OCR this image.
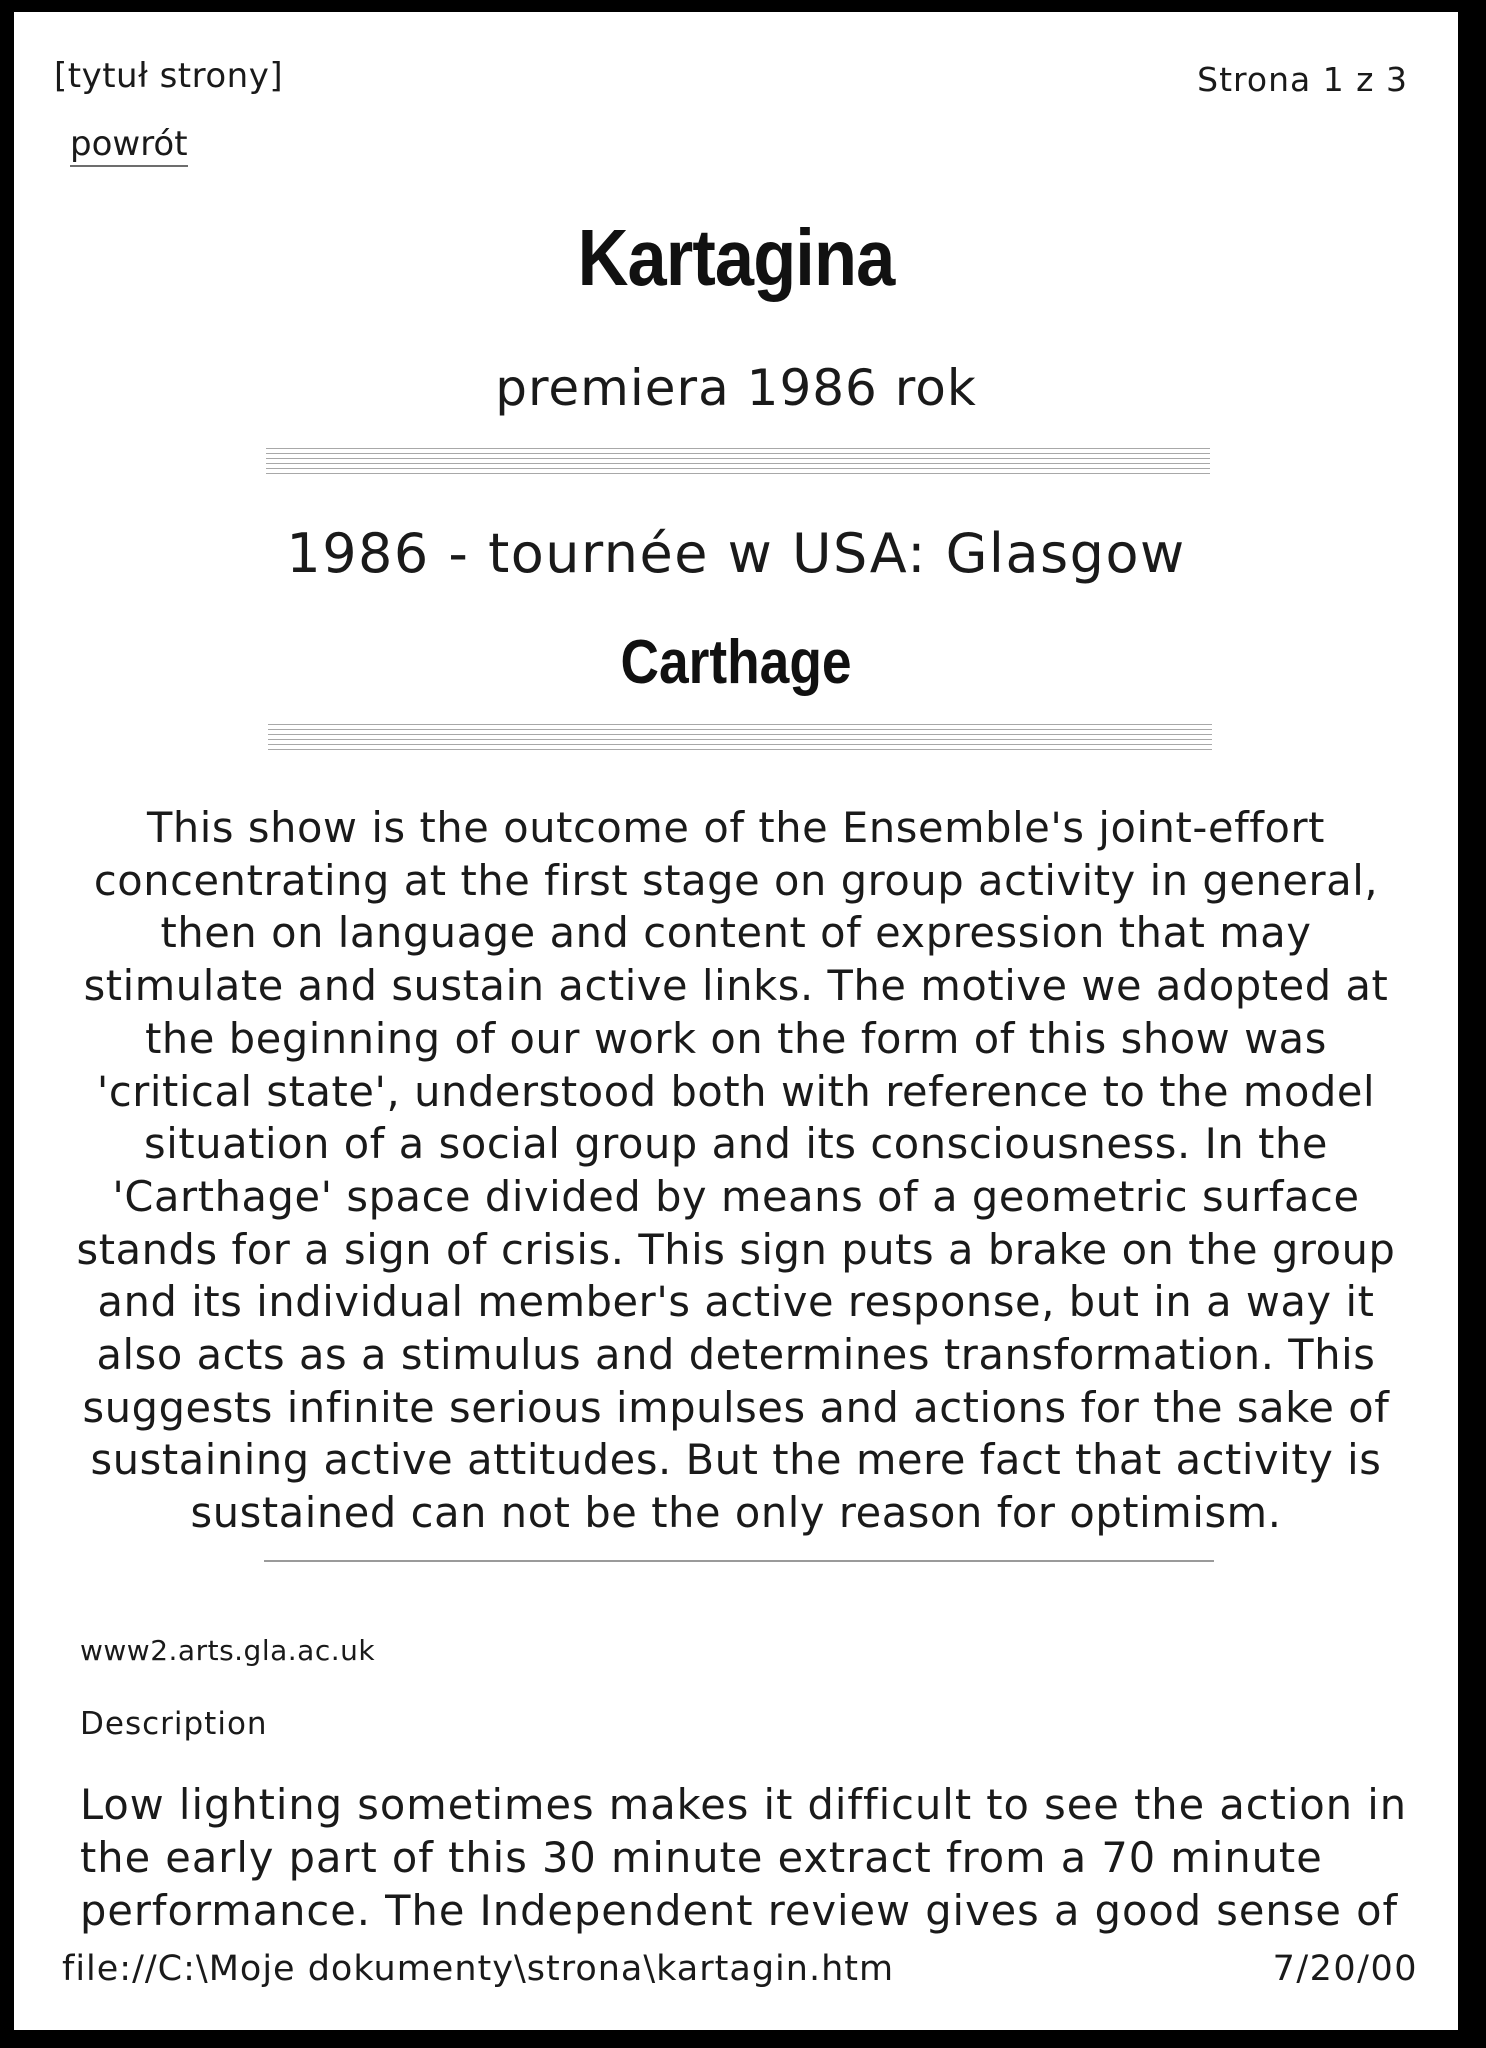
[tytuł strony]	Strona 1 z 3
powrót
Kartagina
premiera 1986 rok
1986 - tournée w USA: Glasgow
Carthage

This show is the outcome of the Ensemble's joint-effort concentrating at the first stage on group activity in general, then on language and content of expression that may stimulate and sustain active links. The motive we adopted at the beginning of our work on the form of this show was 'critical state', understood both with reference to the model situation of a social group and its consciousness. In the 'Carthage' space divided by means of a geometric surface stands for a sign of crisis. This sign puts a brake on the group and its individual member's active response, but in a way it also acts as a stimulus and determines transformation. This suggests infinite serious impulses and actions for the sake of sustaining active attitudes. But the mere fact that activity is sustained can not be the only reason for optimism.

www2.arts.gla.ac.uk
Description

Low lighting sometimes makes it difficult to see the action in the early part of this 30 minute extract from a 70 minute performance. The Independent review gives a good sense of

file://C:\Moje dokumenty\strona\kartagin.htm	7/20/00
